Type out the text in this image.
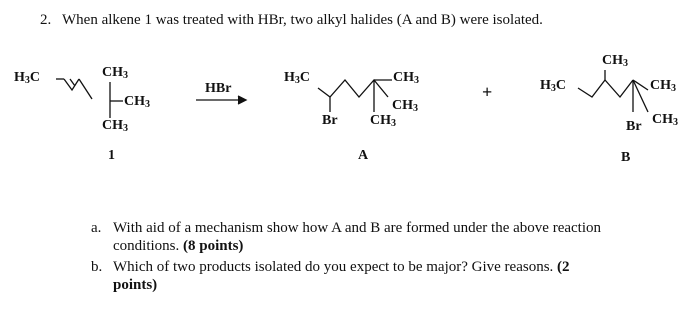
2. When alkene 1 was treated with HBr, two alkyl halides (A and B) were isolated.
$H_3C$	$CH_3$
$CH_3$
$CH_3$
1
HBr
$H_3C$	$CH_3$
$CH_3$
Br $CH_3$
A
+	$H_3C$
$CH_3$
$CH_3$
$CH_3$
Br
B
a. With aid of a mechanism show how A and B are formed under the above reaction
conditions. (8 points)
b. Which of two products isolated do you expect to be major? Give reasons. (2
points)
